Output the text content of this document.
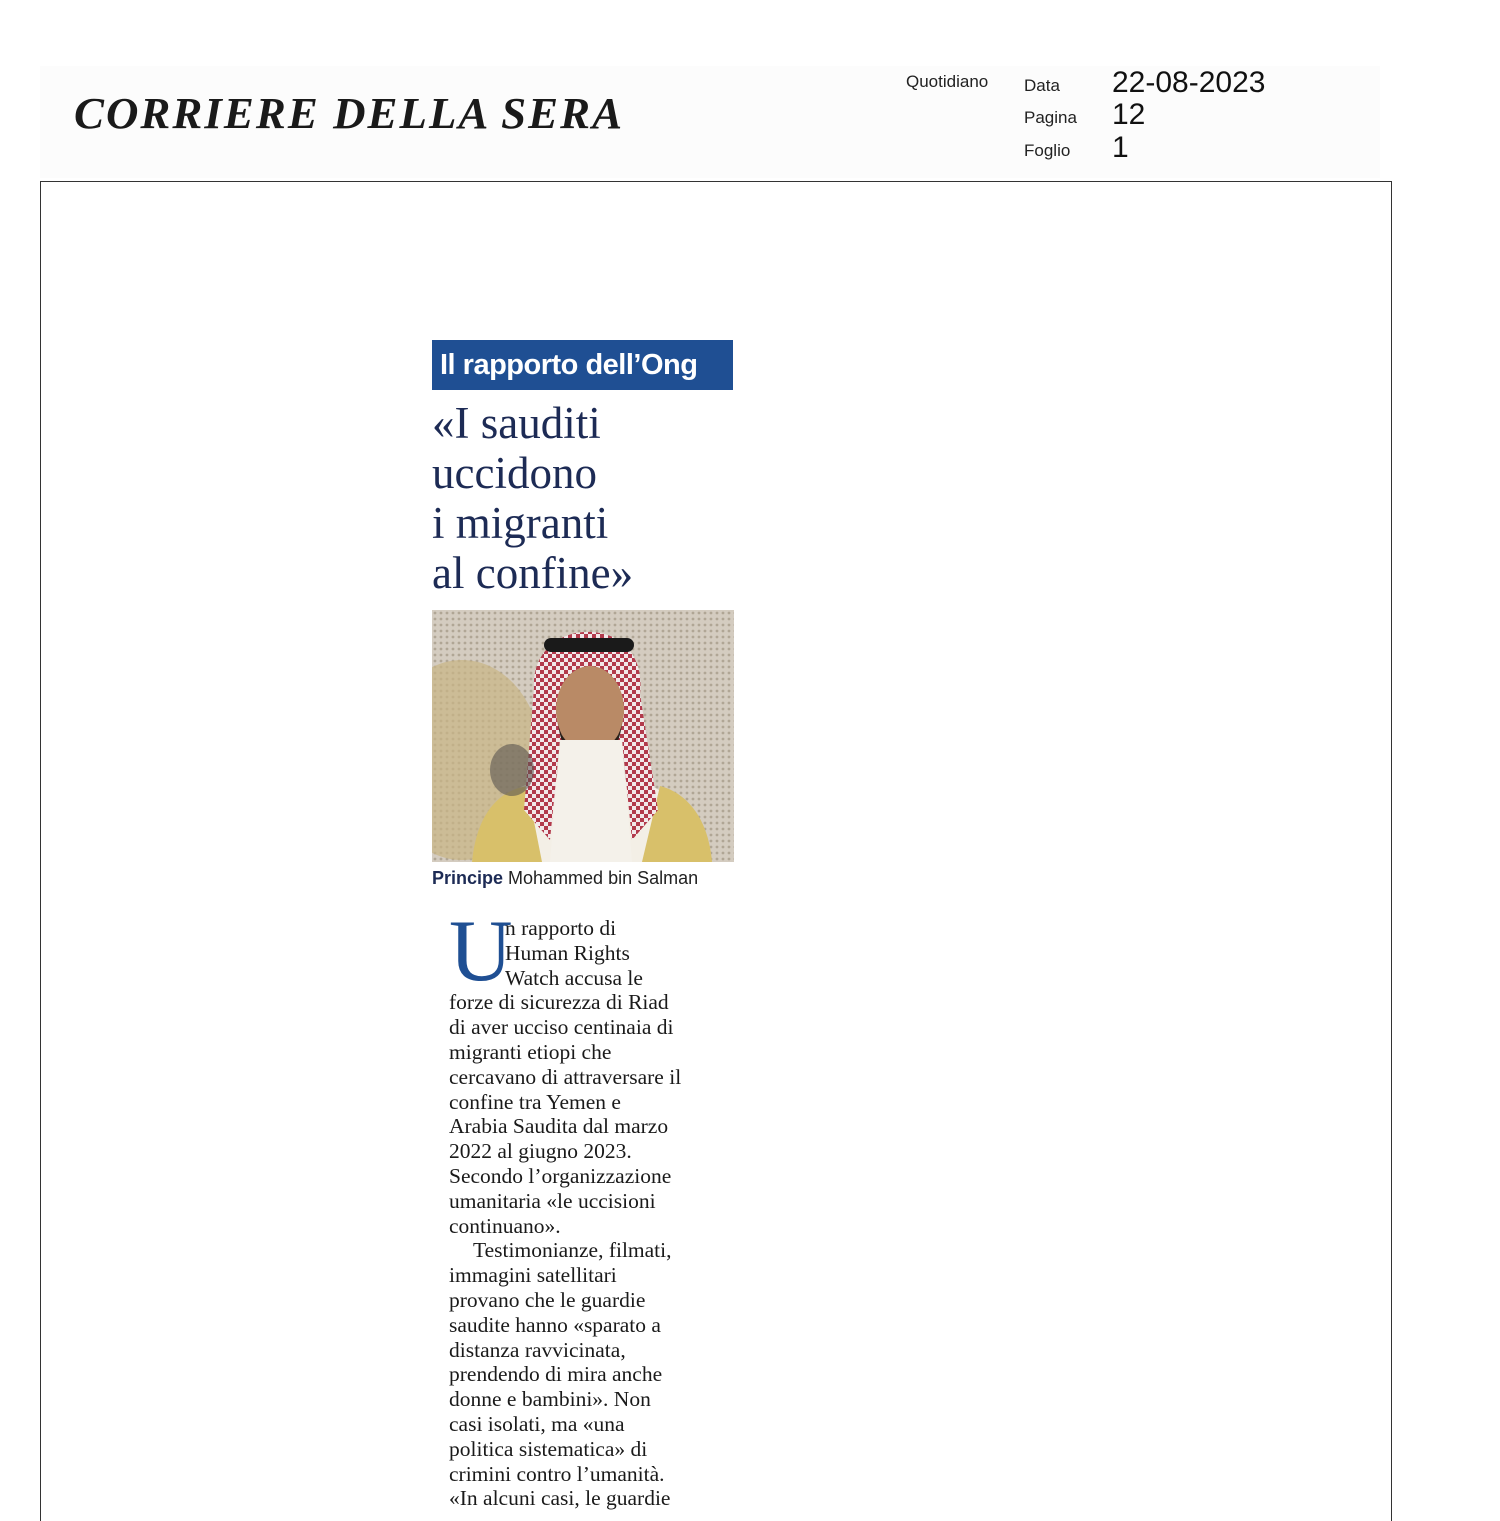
CORRIERE DELLA SERA
Quotidiano Data 22-08-2023
Pagina 12
Foglio 1
Il rapporto dell’Ong
«I sauditi
uccidono
i migranti
al confine»
Principe Mohammed bin Salman
U
n rapporto di
Human Rights
Watch accusa le
forze di sicurezza di Riad
di aver ucciso centinaia di
migranti etiopi che
cercavano di attraversare il
confine tra Yemen e
Arabia Saudita dal marzo
2022 al giugno 2023.
Secondo l’organizzazione
umanitaria «le uccisioni
continuano».
Testimonianze, filmati,
immagini satellitari
provano che le guardie
saudite hanno «sparato a
distanza ravvicinata,
prendendo di mira anche
donne e bambini». Non
casi isolati, ma «una
politica sistematica» di
crimini contro l’umanità.
«In alcuni casi, le guardie
